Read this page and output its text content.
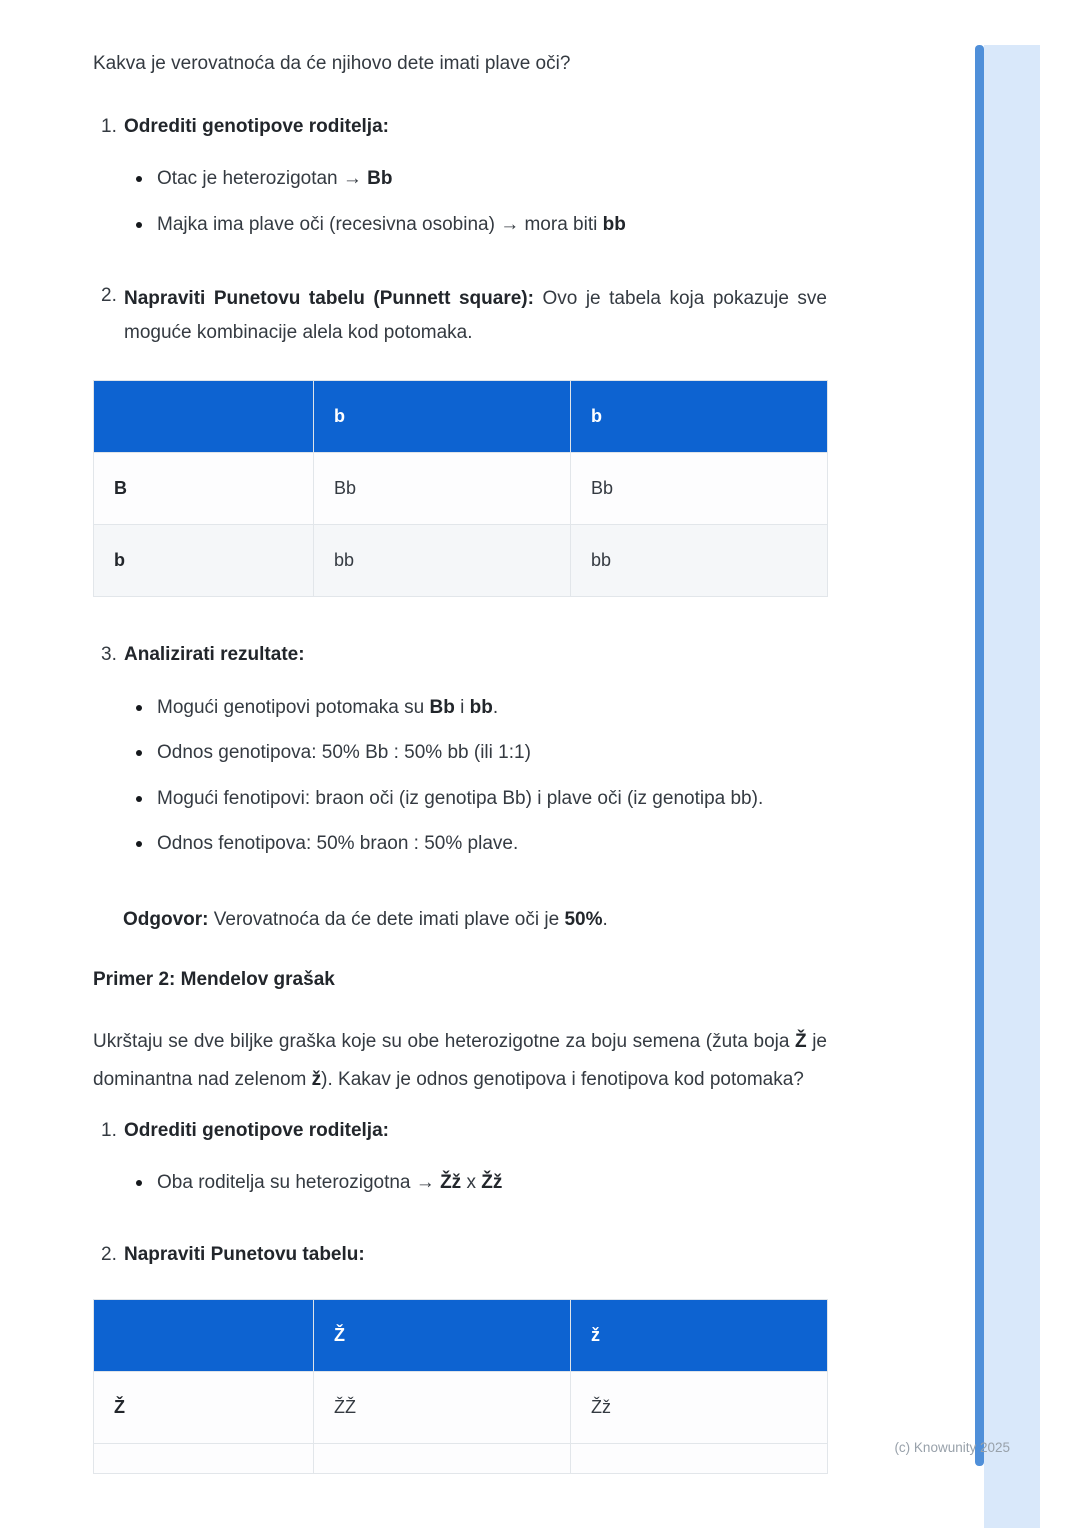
Kakva je verovatnoća da će njihovo dete imati plave oči?

1. Odrediti genotipove roditelja:

Otac je heterozigotan → Bb

Majka ima plave oči (recesivna osobina) → mora biti bb

2. Napraviti Punetovu tabelu (Punnett square): Ovo je tabela koja pokazuje sve moguće kombinacije alela kod potomaka.

	b	b
B	Bb	Bb
b	bb	bb
3. Analizirati rezultate:

Mogući genotipovi potomaka su Bb i bb.

Odnos genotipova: 50% Bb : 50% bb (ili 1:1)

Mogući fenotipovi: braon oči (iz genotipa Bb) i plave oči (iz genotipa bb).

Odnos fenotipova: 50% braon : 50% plave.

Odgovor: Verovatnoća da će dete imati plave oči je 50%.

Primer 2: Mendelov grašak

Ukrštaju se dve biljke graška koje su obe heterozigotne za boju semena (žuta boja Ž je dominantna nad zelenom ž). Kakav je odnos genotipova i fenotipova kod potomaka?

1. Odrediti genotipove roditelja:

Oba roditelja su heterozigotna → Žž x Žž

2. Napraviti Punetovu tabelu:

	Ž	ž
Ž	ŽŽ	Žž

(c) Knowunity 2025
